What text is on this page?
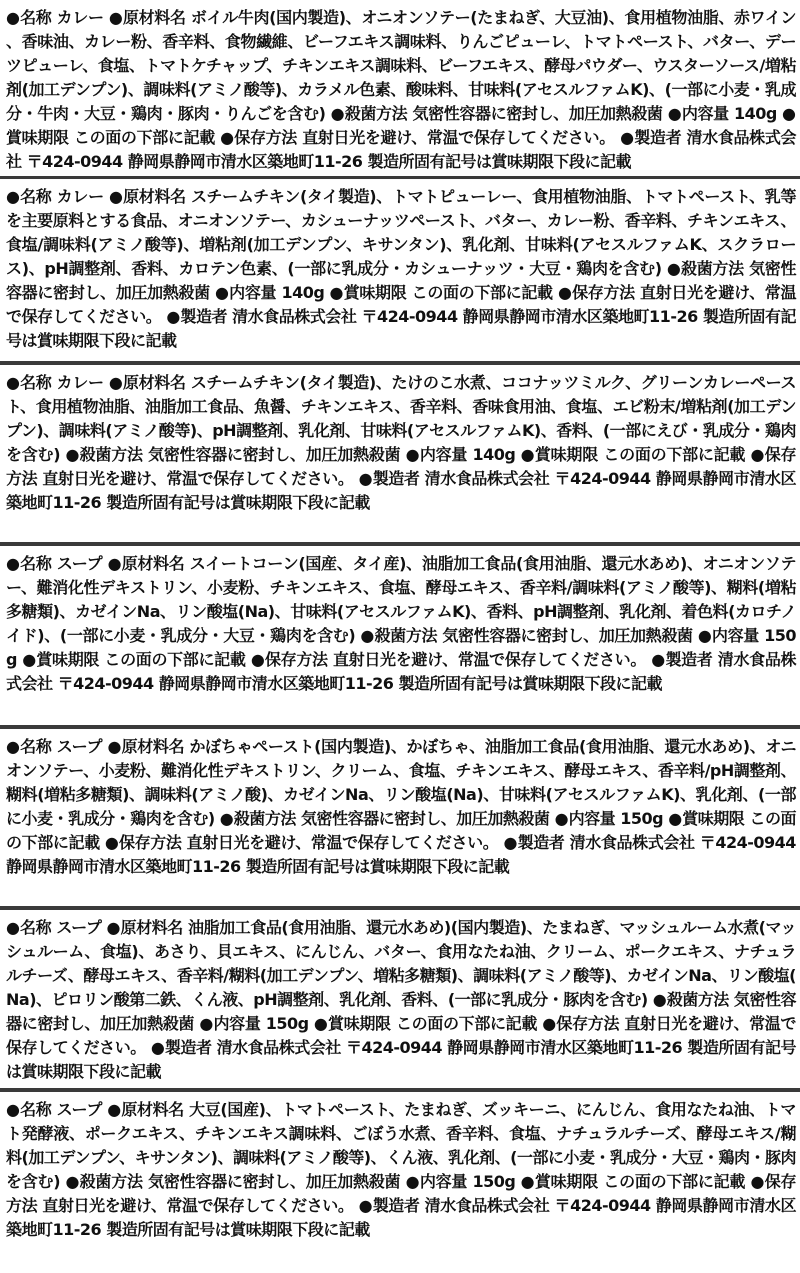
●名称 カレー ●原材料名 ボイル牛肉(国内製造)、オニオンソテー(たまねぎ、大豆油)、食用植物油脂、赤ワイン、香味油、カレー粉、香辛料、食物繊維、ビーフエキス調味料、りんごピューレ、トマトペースト、バター、デーツピューレ、食塩、トマトケチャップ、チキンエキス調味料、ビーフエキス、酵母パウダー、ウスターソース/増粘剤(加工デンプン)、調味料(アミノ酸等)、カラメル色素、酸味料、甘味料(アセスルファムK)、(一部に小麦・乳成分・牛肉・大豆・鶏肉・豚肉・りんごを含む) ●殺菌方法 気密性容器に密封し、加圧加熱殺菌 ●内容量 140g ●賞味期限 この面の下部に記載 ●保存方法 直射日光を避け、常温で保存してください。 ●製造者 清水食品株式会社 〒424-0944 静岡県静岡市清水区築地町11-26 製造所固有記号は賞味期限下段に記載
●名称 カレー ●原材料名 スチームチキン(タイ製造)、トマトピューレー、食用植物油脂、トマトペースト、乳等を主要原料とする食品、オニオンソテー、カシューナッツペースト、バター、カレー粉、香辛料、チキンエキス、食塩/調味料(アミノ酸等)、増粘剤(加工デンプン、キサンタン)、乳化剤、甘味料(アセスルファムK、スクラロース)、pH調整剤、香料、カロテン色素、(一部に乳成分・カシューナッツ・大豆・鶏肉を含む) ●殺菌方法 気密性容器に密封し、加圧加熱殺菌 ●内容量 140g ●賞味期限 この面の下部に記載 ●保存方法 直射日光を避け、常温で保存してください。 ●製造者 清水食品株式会社 〒424-0944 静岡県静岡市清水区築地町11-26 製造所固有記号は賞味期限下段に記載
●名称 カレー ●原材料名 スチームチキン(タイ製造)、たけのこ水煮、ココナッツミルク、グリーンカレーペースト、食用植物油脂、油脂加工食品、魚醤、チキンエキス、香辛料、香味食用油、食塩、エビ粉末/増粘剤(加工デンプン)、調味料(アミノ酸等)、pH調整剤、乳化剤、甘味料(アセスルファムK)、香料、(一部にえび・乳成分・鶏肉を含む) ●殺菌方法 気密性容器に密封し、加圧加熱殺菌 ●内容量 140g ●賞味期限 この面の下部に記載 ●保存方法 直射日光を避け、常温で保存してください。 ●製造者 清水食品株式会社 〒424-0944 静岡県静岡市清水区築地町11-26 製造所固有記号は賞味期限下段に記載
●名称 スープ ●原材料名 スイートコーン(国産、タイ産)、油脂加工食品(食用油脂、還元水あめ)、オニオンソテー、難消化性デキストリン、小麦粉、チキンエキス、食塩、酵母エキス、香辛料/調味料(アミノ酸等)、糊料(増粘多糖類)、カゼインNa、リン酸塩(Na)、甘味料(アセスルファムK)、香料、pH調整剤、乳化剤、着色料(カロチノイド)、(一部に小麦・乳成分・大豆・鶏肉を含む) ●殺菌方法 気密性容器に密封し、加圧加熱殺菌 ●内容量 150g ●賞味期限 この面の下部に記載 ●保存方法 直射日光を避け、常温で保存してください。 ●製造者 清水食品株式会社 〒424-0944 静岡県静岡市清水区築地町11-26 製造所固有記号は賞味期限下段に記載
●名称 スープ ●原材料名 かぼちゃペースト(国内製造)、かぼちゃ、油脂加工食品(食用油脂、還元水あめ)、オニオンソテー、小麦粉、難消化性デキストリン、クリーム、食塩、チキンエキス、酵母エキス、香辛料/pH調整剤、糊料(増粘多糖類)、調味料(アミノ酸)、カゼインNa、リン酸塩(Na)、甘味料(アセスルファムK)、乳化剤、(一部に小麦・乳成分・鶏肉を含む) ●殺菌方法 気密性容器に密封し、加圧加熱殺菌 ●内容量 150g ●賞味期限 この面の下部に記載 ●保存方法 直射日光を避け、常温で保存してください。 ●製造者 清水食品株式会社 〒424-0944 静岡県静岡市清水区築地町11-26 製造所固有記号は賞味期限下段に記載
●名称 スープ ●原材料名 油脂加工食品(食用油脂、還元水あめ)(国内製造)、たまねぎ、マッシュルーム水煮(マッシュルーム、食塩)、あさり、貝エキス、にんじん、バター、食用なたね油、クリーム、ポークエキス、ナチュラルチーズ、酵母エキス、香辛料/糊料(加工デンプン、増粘多糖類)、調味料(アミノ酸等)、カゼインNa、リン酸塩(Na)、ピロリン酸第二鉄、くん液、pH調整剤、乳化剤、香料、(一部に乳成分・豚肉を含む) ●殺菌方法 気密性容器に密封し、加圧加熱殺菌 ●内容量 150g ●賞味期限 この面の下部に記載 ●保存方法 直射日光を避け、常温で保存してください。 ●製造者 清水食品株式会社 〒424-0944 静岡県静岡市清水区築地町11-26 製造所固有記号は賞味期限下段に記載
●名称 スープ ●原材料名 大豆(国産)、トマトペースト、たまねぎ、ズッキーニ、にんじん、食用なたね油、トマト発酵液、ポークエキス、チキンエキス調味料、ごぼう水煮、香辛料、食塩、ナチュラルチーズ、酵母エキス/糊料(加工デンプン、キサンタン)、調味料(アミノ酸等)、くん液、乳化剤、(一部に小麦・乳成分・大豆・鶏肉・豚肉を含む) ●殺菌方法 気密性容器に密封し、加圧加熱殺菌 ●内容量 150g ●賞味期限 この面の下部に記載 ●保存方法 直射日光を避け、常温で保存してください。 ●製造者 清水食品株式会社 〒424-0944 静岡県静岡市清水区築地町11-26 製造所固有記号は賞味期限下段に記載
